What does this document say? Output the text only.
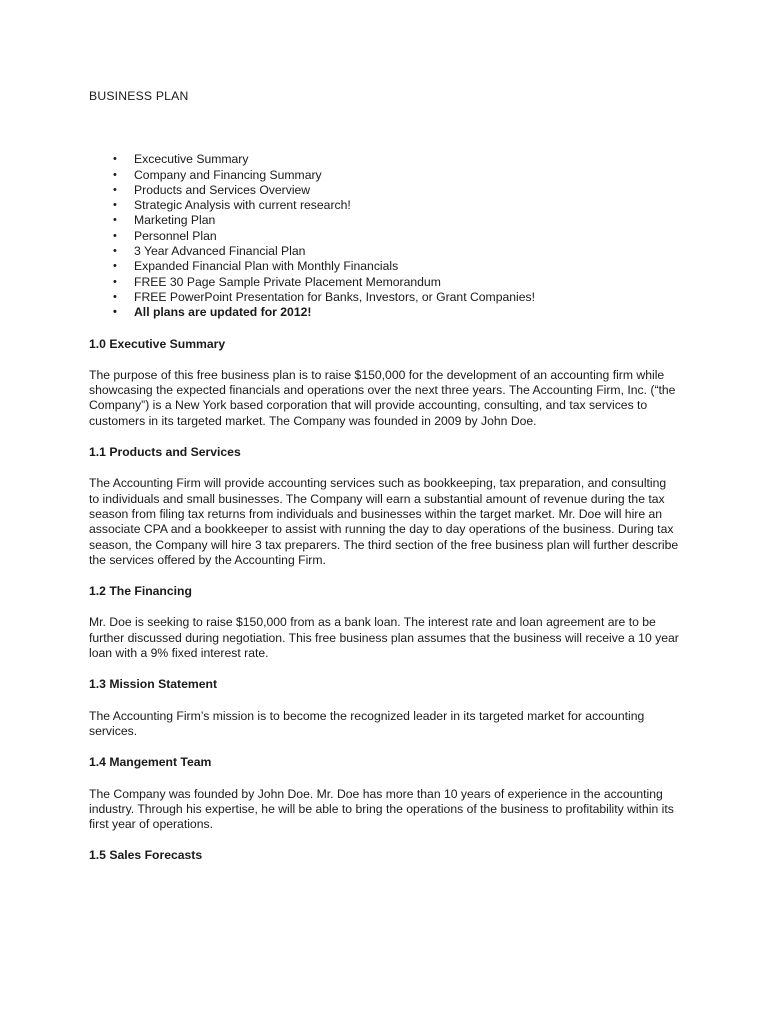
BUSINESS PLAN
• Excecutive Summary
• Company and Financing Summary
• Products and Services Overview
• Strategic Analysis with current research!
• Marketing Plan
• Personnel Plan
• 3 Year Advanced Financial Plan
• Expanded Financial Plan with Monthly Financials
• FREE 30 Page Sample Private Placement Memorandum
• FREE PowerPoint Presentation for Banks, Investors, or Grant Companies!
• All plans are updated for 2012!
1.0 Executive Summary

The purpose of this free business plan is to raise $150,000 for the development of an accounting firm while showcasing the expected financials and operations over the next three years. The Accounting Firm, Inc. (“the Company”) is a New York based corporation that will provide accounting, consulting, and tax services to customers in its targeted market. The Company was founded in 2009 by John Doe.

1.1 Products and Services

The Accounting Firm will provide accounting services such as bookkeeping, tax preparation, and consulting to individuals and small businesses. The Company will earn a substantial amount of revenue during the tax season from filing tax returns from individuals and businesses within the target market. Mr. Doe will hire an associate CPA and a bookkeeper to assist with running the day to day operations of the business. During tax season, the Company will hire 3 tax preparers. The third section of the free business plan will further describe the services offered by the Accounting Firm.

1.2 The Financing

Mr. Doe is seeking to raise $150,000 from as a bank loan. The interest rate and loan agreement are to be further discussed during negotiation. This free business plan assumes that the business will receive a 10 year loan with a 9% fixed interest rate.

1.3 Mission Statement

The Accounting Firm’s mission is to become the recognized leader in its targeted market for accounting services.

1.4 Mangement Team

The Company was founded by John Doe. Mr. Doe has more than 10 years of experience in the accounting industry. Through his expertise, he will be able to bring the operations of the business to profitability within its first year of operations.

1.5 Sales Forecasts
